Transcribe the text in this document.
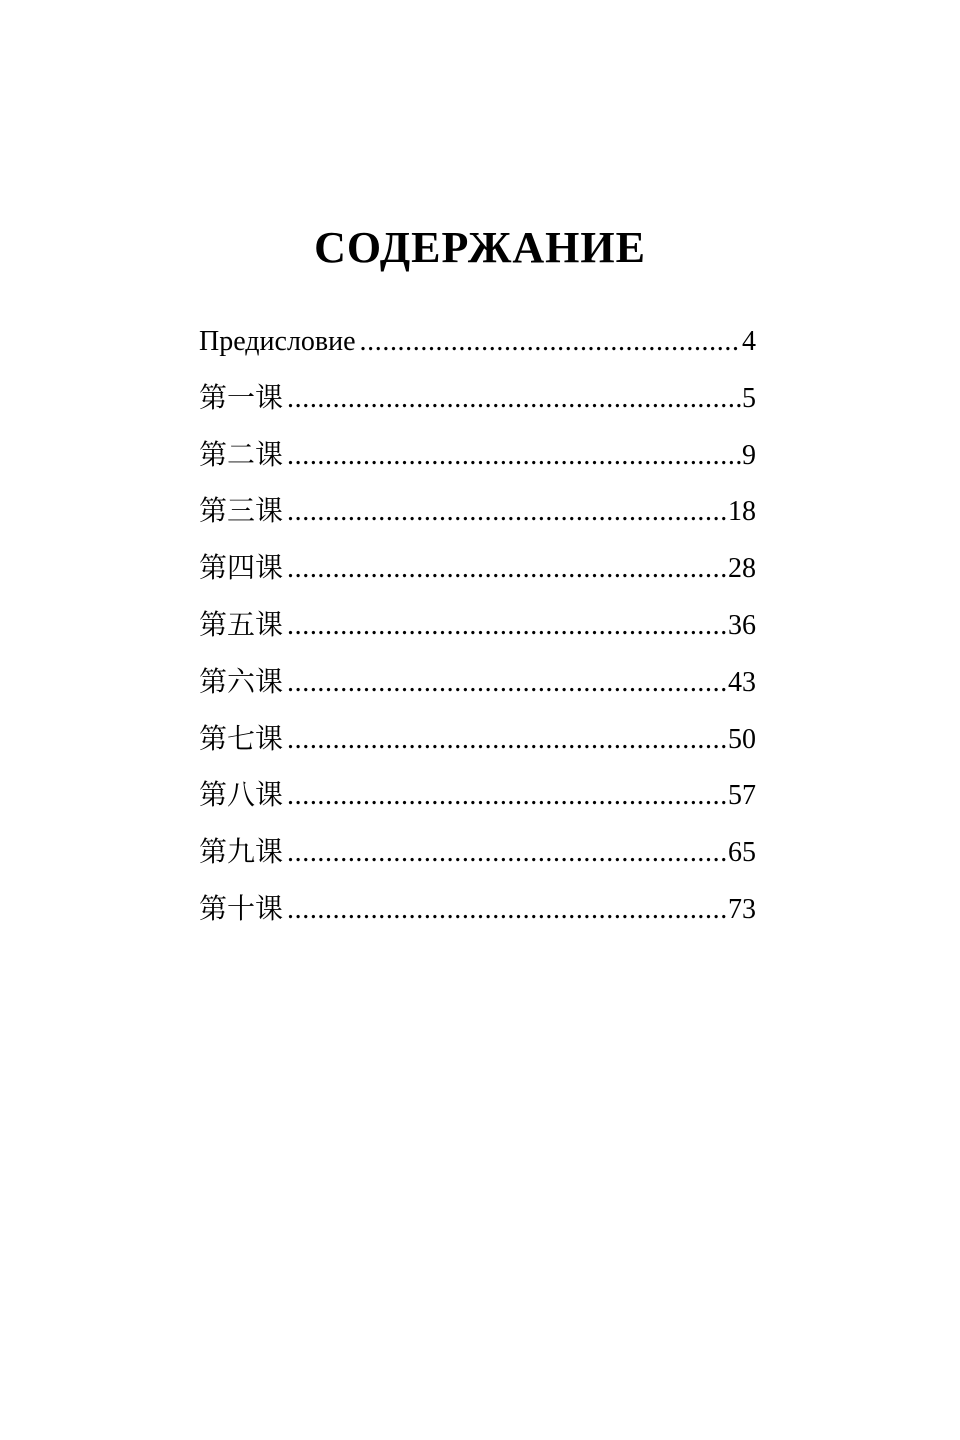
СОДЕРЖАНИЕ
Предисловие .....	4
第一课 .....	5
第二课 .....	9
第三课 .....	18
第四课 .....	28
第五课 .....	36
第六课 .....	43
第七课 .....	50
第八课 .....	57
第九课 .....	65
第十课 .....	73
